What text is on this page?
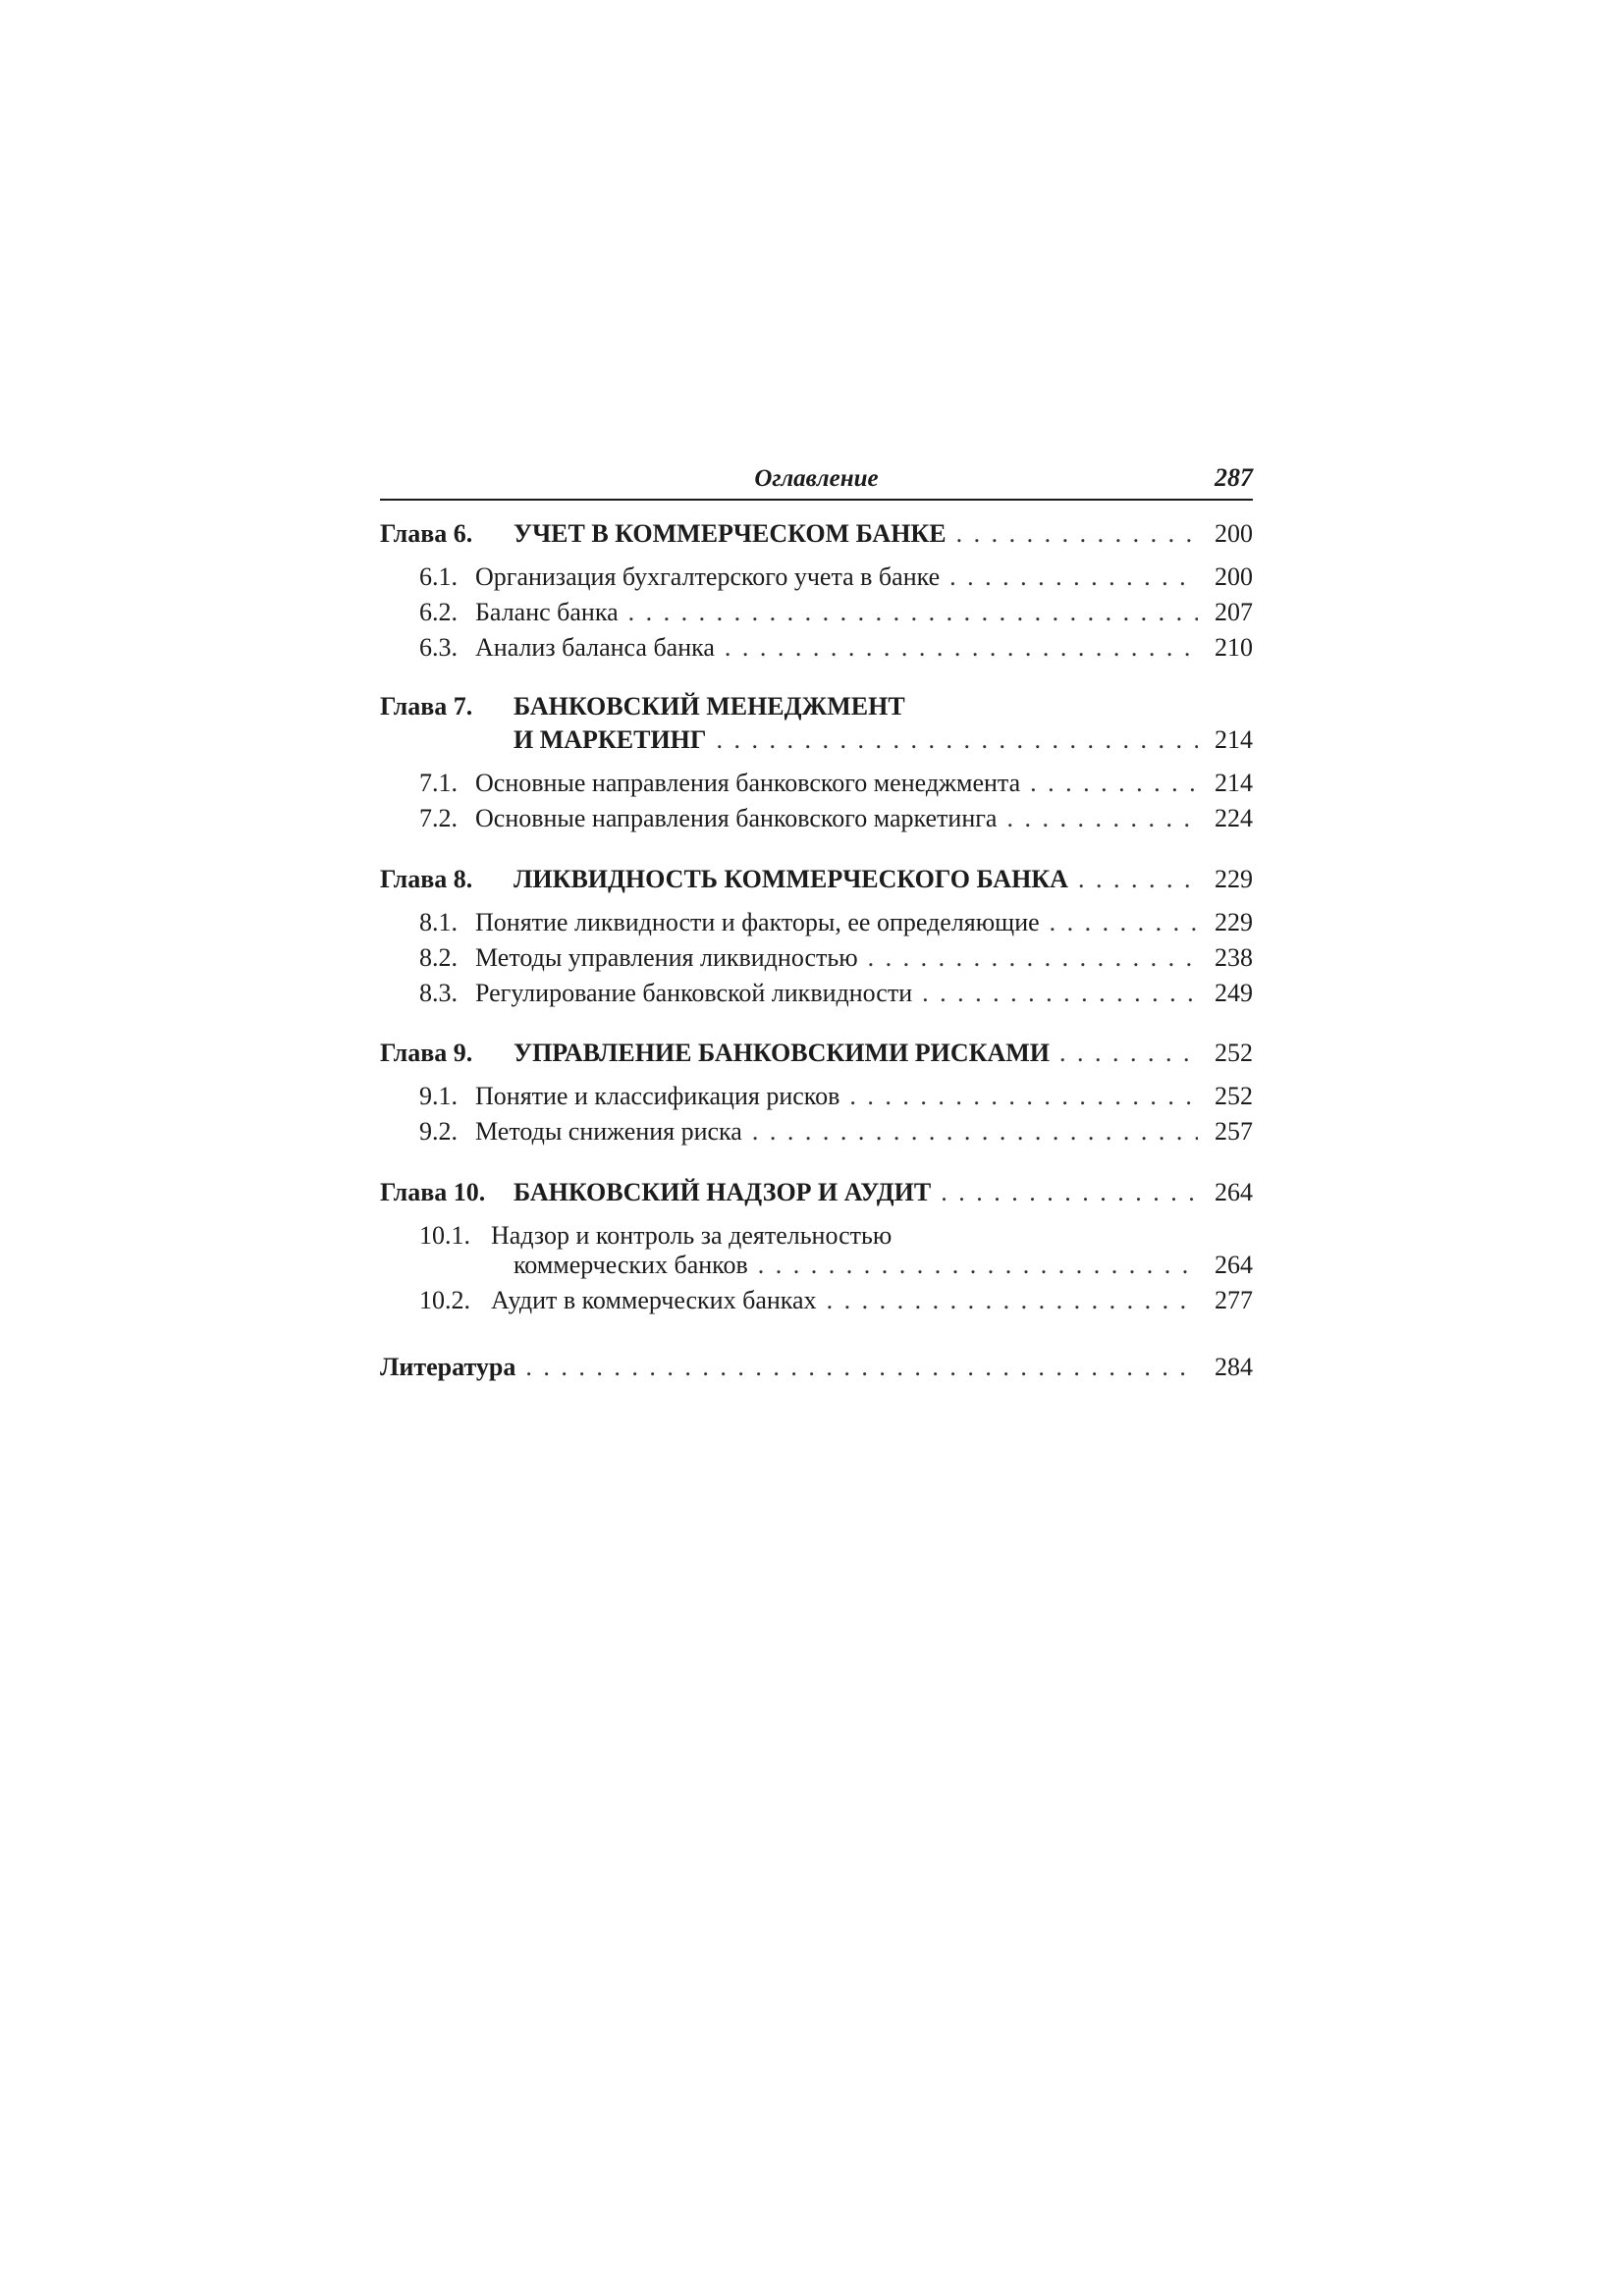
Оглавление	287
Глава 6. УЧЕТ В КОММЕРЧЕСКОМ БАНКЕ . . .	200
6.1. Организация бухгалтерского учета в банке . . .	200
6.2. Баланс банка . . .	207
6.3. Анализ баланса банка . . .	210
Глава 7. БАНКОВСКИЙ МЕНЕДЖМЕНТ
И МАРКЕТИНГ . . .	214
7.1. Основные направления банковского менеджмента . . .	214
7.2. Основные направления банковского маркетинга . . .	224
Глава 8. ЛИКВИДНОСТЬ КОММЕРЧЕСКОГО БАНКА . . .	229
8.1. Понятие ликвидности и факторы, ее определяющие . . .	229
8.2. Методы управления ликвидностью . . .	238
8.3. Регулирование банковской ликвидности . . .	249
Глава 9. УПРАВЛЕНИЕ БАНКОВСКИМИ РИСКАМИ . . .	252
9.1. Понятие и классификация рисков . . .	252
9.2. Методы снижения риска . . .	257
Глава 10. БАНКОВСКИЙ НАДЗОР И АУДИТ . . .	264
10.1. Надзор и контроль за деятельностью
коммерческих банков . . .	264
10.2. Аудит в коммерческих банках . . .	277
Литература . . .	284
